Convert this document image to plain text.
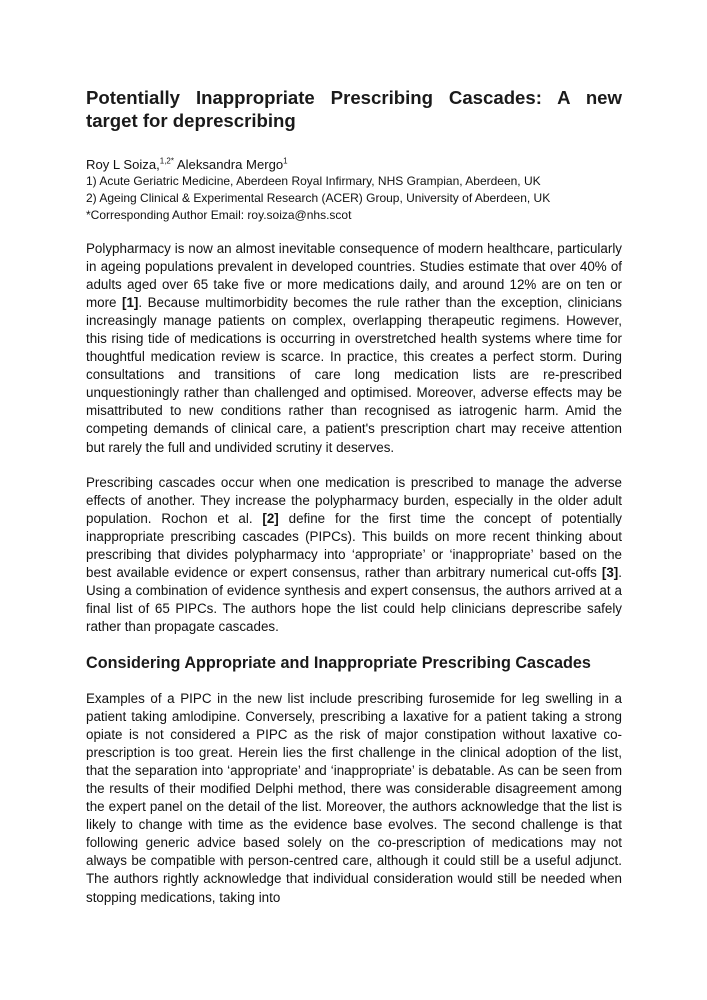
Potentially Inappropriate Prescribing Cascades: A new target for deprescribing
Roy L Soiza,$^{1,2*}$ Aleksandra Mergo$^1$
1) Acute Geriatric Medicine, Aberdeen Royal Infirmary, NHS Grampian, Aberdeen, UK
2) Ageing Clinical & Experimental Research (ACER) Group, University of Aberdeen, UK
*Corresponding Author Email: roy.soiza@nhs.scot

Polypharmacy is now an almost inevitable consequence of modern healthcare, particularly in ageing populations prevalent in developed countries. Studies estimate that over 40% of adults aged over 65 take five or more medications daily, and around 12% are on ten or more [1]. Because multimorbidity becomes the rule rather than the exception, clinicians increasingly manage patients on complex, overlapping therapeutic regimens. However, this rising tide of medications is occurring in overstretched health systems where time for thoughtful medication review is scarce. In practice, this creates a perfect storm. During consultations and transitions of care long medication lists are re-prescribed unquestioningly rather than challenged and optimised. Moreover, adverse effects may be misattributed to new conditions rather than recognised as iatrogenic harm. Amid the competing demands of clinical care, a patient's prescription chart may receive attention but rarely the full and undivided scrutiny it deserves.

Prescribing cascades occur when one medication is prescribed to manage the adverse effects of another. They increase the polypharmacy burden, especially in the older adult population. Rochon et al. [2] define for the first time the concept of potentially inappropriate prescribing cascades (PIPCs). This builds on more recent thinking about prescribing that divides polypharmacy into ‘appropriate’ or ‘inappropriate’ based on the best available evidence or expert consensus, rather than arbitrary numerical cut-offs [3]. Using a combination of evidence synthesis and expert consensus, the authors arrived at a final list of 65 PIPCs. The authors hope the list could help clinicians deprescribe safely rather than propagate cascades.

Considering Appropriate and Inappropriate Prescribing Cascades

Examples of a PIPC in the new list include prescribing furosemide for leg swelling in a patient taking amlodipine. Conversely, prescribing a laxative for a patient taking a strong opiate is not considered a PIPC as the risk of major constipation without laxative co-prescription is too great. Herein lies the first challenge in the clinical adoption of the list, that the separation into ‘appropriate’ and ‘inappropriate’ is debatable. As can be seen from the results of their modified Delphi method, there was considerable disagreement among the expert panel on the detail of the list. Moreover, the authors acknowledge that the list is likely to change with time as the evidence base evolves. The second challenge is that following generic advice based solely on the co-prescription of medications may not always be compatible with person-centred care, although it could still be a useful adjunct. The authors rightly acknowledge that individual consideration would still be needed when stopping medications, taking into
